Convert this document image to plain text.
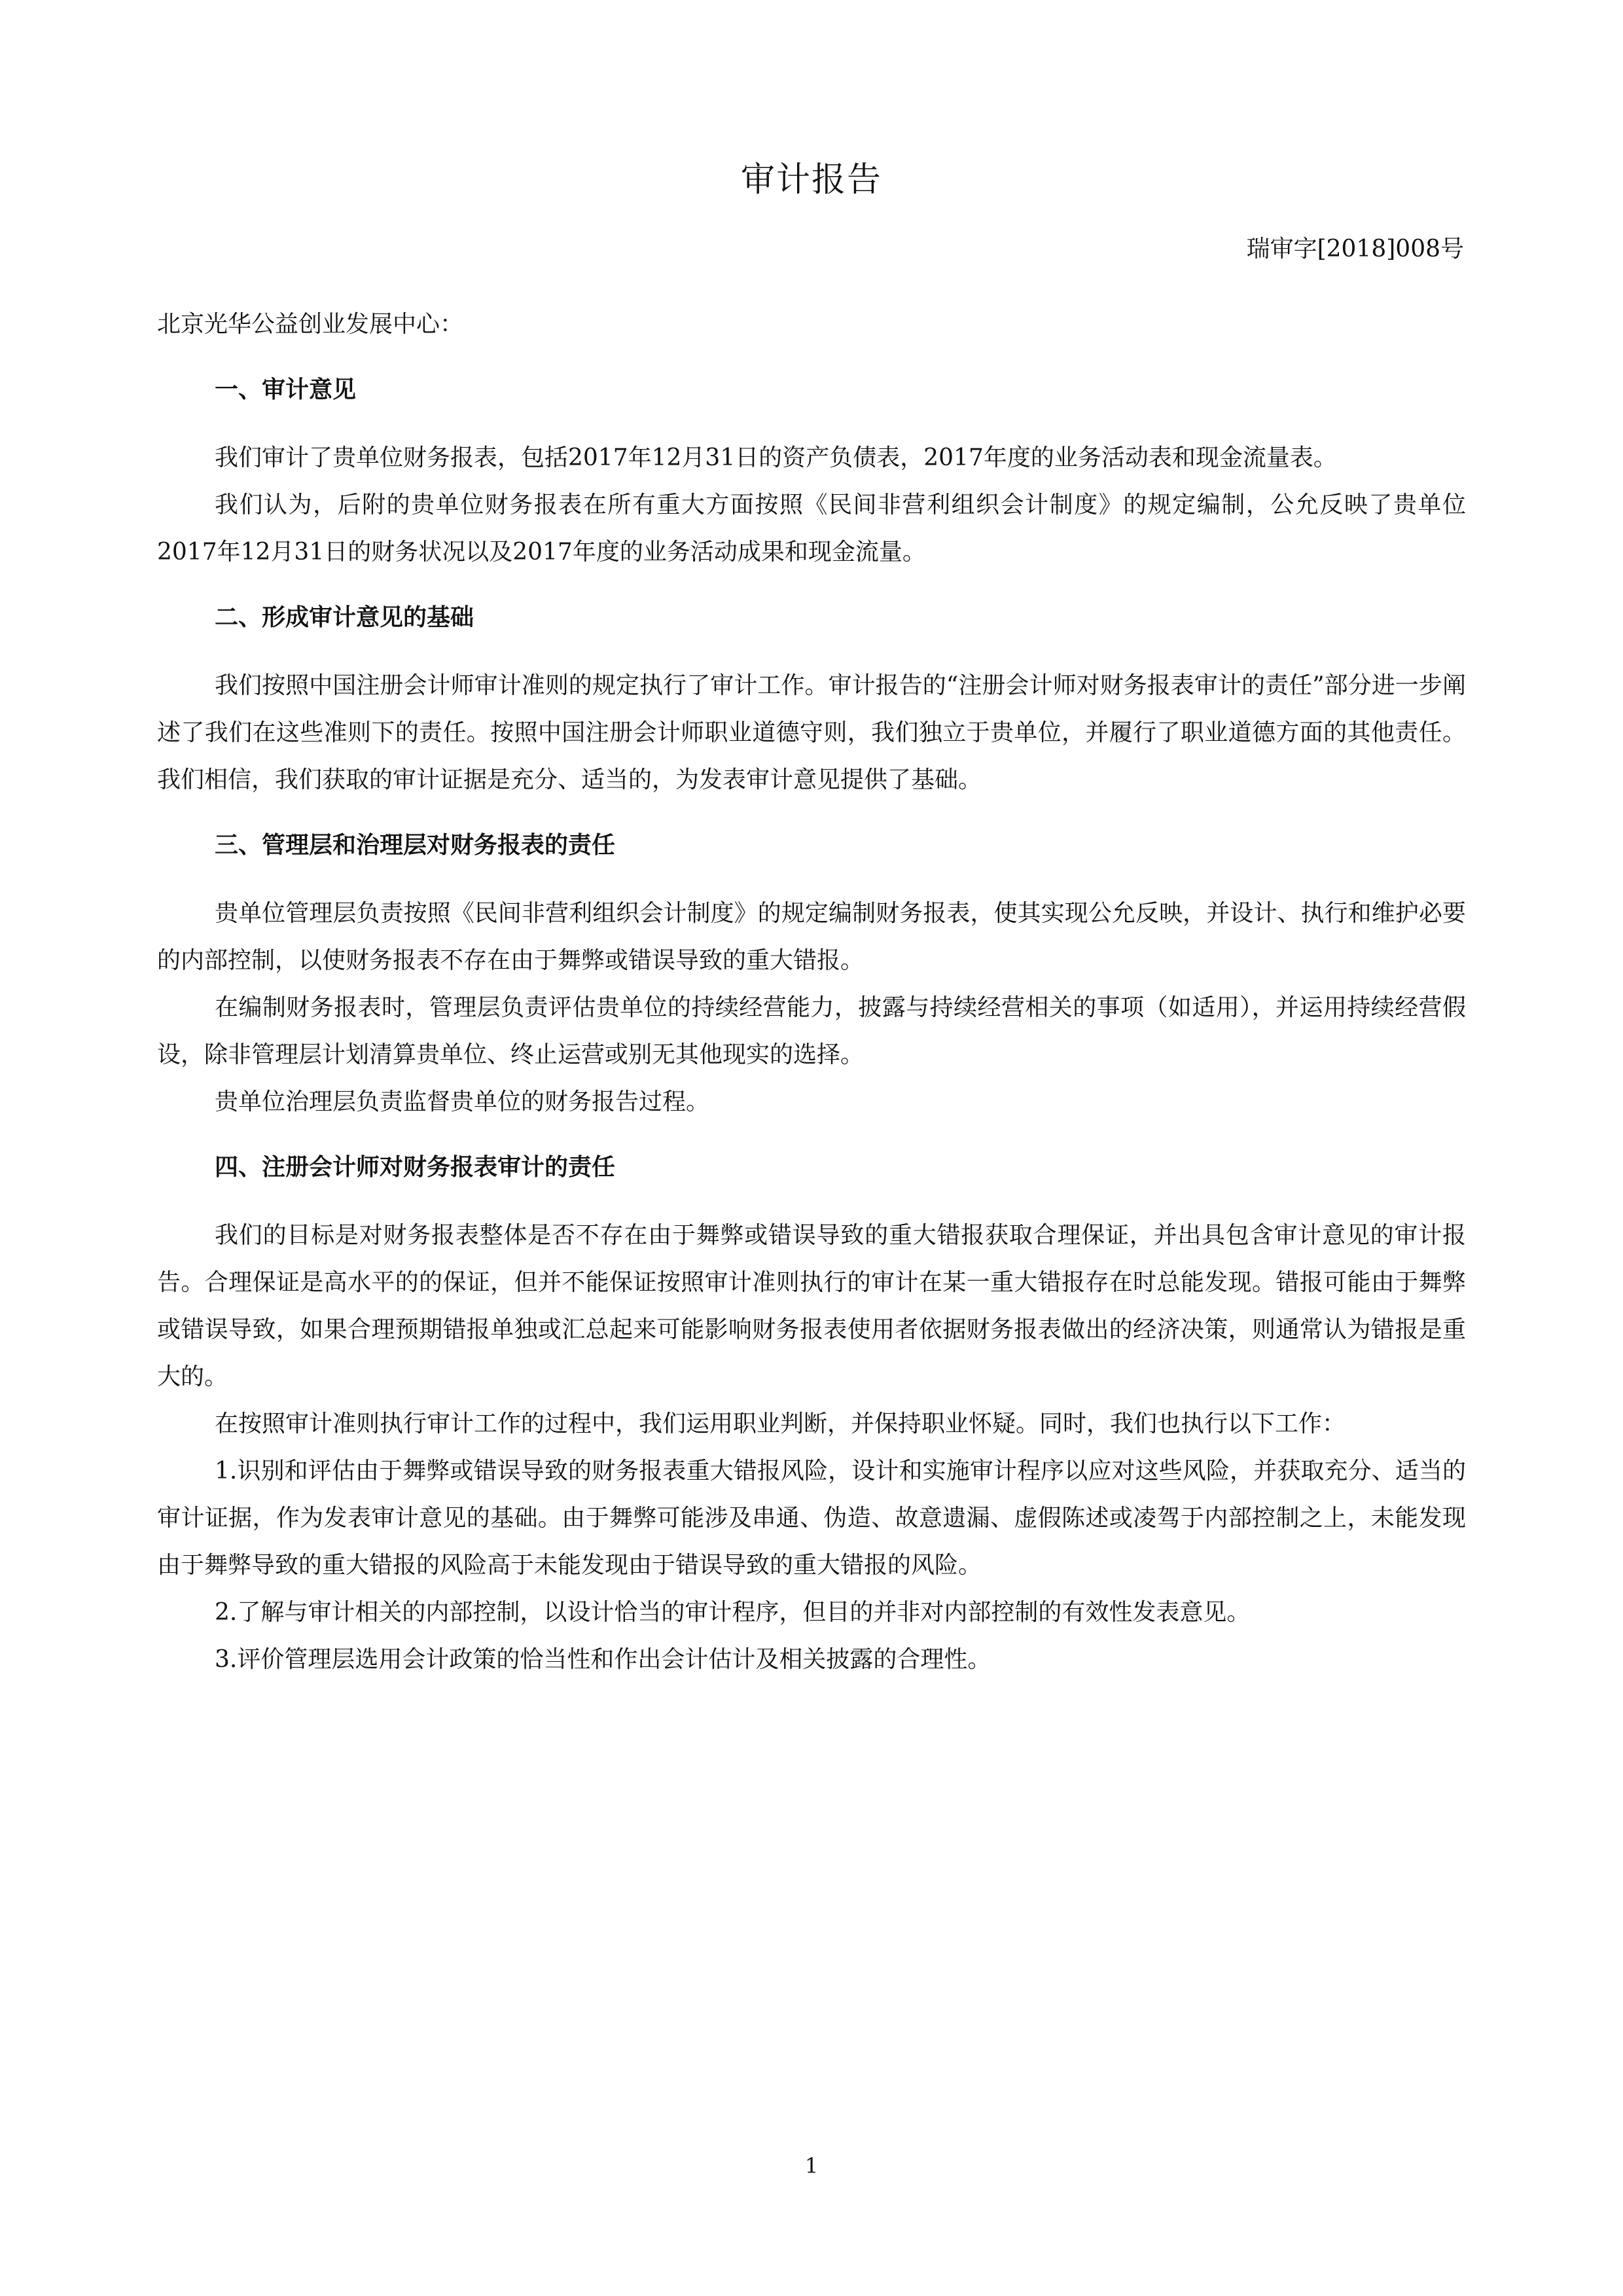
审计报告
瑞审字[2018]008号

北京光华公益创业发展中心：

一、审计意见

我们审计了贵单位财务报表，包括2017年12月31日的资产负债表，2017年度的业务活动表和现金流量表。

我们认为，后附的贵单位财务报表在所有重大方面按照《民间非营利组织会计制度》的规定编制，公允反映了贵单位2017年12月31日的财务状况以及2017年度的业务活动成果和现金流量。

二、形成审计意见的基础

我们按照中国注册会计师审计准则的规定执行了审计工作。审计报告的“注册会计师对财务报表审计的责任”部分进一步阐述了我们在这些准则下的责任。按照中国注册会计师职业道德守则，我们独立于贵单位，并履行了职业道德方面的其他责任。我们相信，我们获取的审计证据是充分、适当的，为发表审计意见提供了基础。

三、管理层和治理层对财务报表的责任

贵单位管理层负责按照《民间非营利组织会计制度》的规定编制财务报表，使其实现公允反映，并设计、执行和维护必要的内部控制，以使财务报表不存在由于舞弊或错误导致的重大错报。

在编制财务报表时，管理层负责评估贵单位的持续经营能力，披露与持续经营相关的事项（如适用），并运用持续经营假设，除非管理层计划清算贵单位、终止运营或别无其他现实的选择。

贵单位治理层负责监督贵单位的财务报告过程。

四、注册会计师对财务报表审计的责任

我们的目标是对财务报表整体是否不存在由于舞弊或错误导致的重大错报获取合理保证，并出具包含审计意见的审计报告。合理保证是高水平的的保证，但并不能保证按照审计准则执行的审计在某一重大错报存在时总能发现。错报可能由于舞弊或错误导致，如果合理预期错报单独或汇总起来可能影响财务报表使用者依据财务报表做出的经济决策，则通常认为错报是重大的。

在按照审计准则执行审计工作的过程中，我们运用职业判断，并保持职业怀疑。同时，我们也执行以下工作：

1.识别和评估由于舞弊或错误导致的财务报表重大错报风险，设计和实施审计程序以应对这些风险，并获取充分、适当的审计证据，作为发表审计意见的基础。由于舞弊可能涉及串通、伪造、故意遗漏、虚假陈述或凌驾于内部控制之上，未能发现由于舞弊导致的重大错报的风险高于未能发现由于错误导致的重大错报的风险。

2.了解与审计相关的内部控制，以设计恰当的审计程序，但目的并非对内部控制的有效性发表意见。

3.评价管理层选用会计政策的恰当性和作出会计估计及相关披露的合理性。

1
